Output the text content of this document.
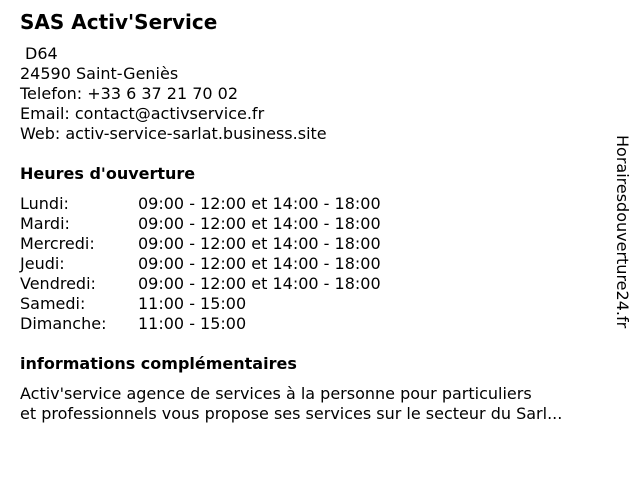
SAS Activ'Service
D64
24590 Saint-Geniès
Telefon: +33 6 37 21 70 02
Email: contact@activservice.fr
Web: activ-service-sarlat.business.site
Heures d'ouverture
Lundi:	09:00 - 12:00 et 14:00 - 18:00
Mardi:	09:00 - 12:00 et 14:00 - 18:00
Mercredi:	09:00 - 12:00 et 14:00 - 18:00
Jeudi:	09:00 - 12:00 et 14:00 - 18:00
Vendredi:	09:00 - 12:00 et 14:00 - 18:00
Samedi:	11:00 - 15:00
Dimanche:	11:00 - 15:00
informations complémentaires
Activ'service agence de services à la personne pour particuliers
et professionnels vous propose ses services sur le secteur du Sarl...
Horairesdouverture24.fr
